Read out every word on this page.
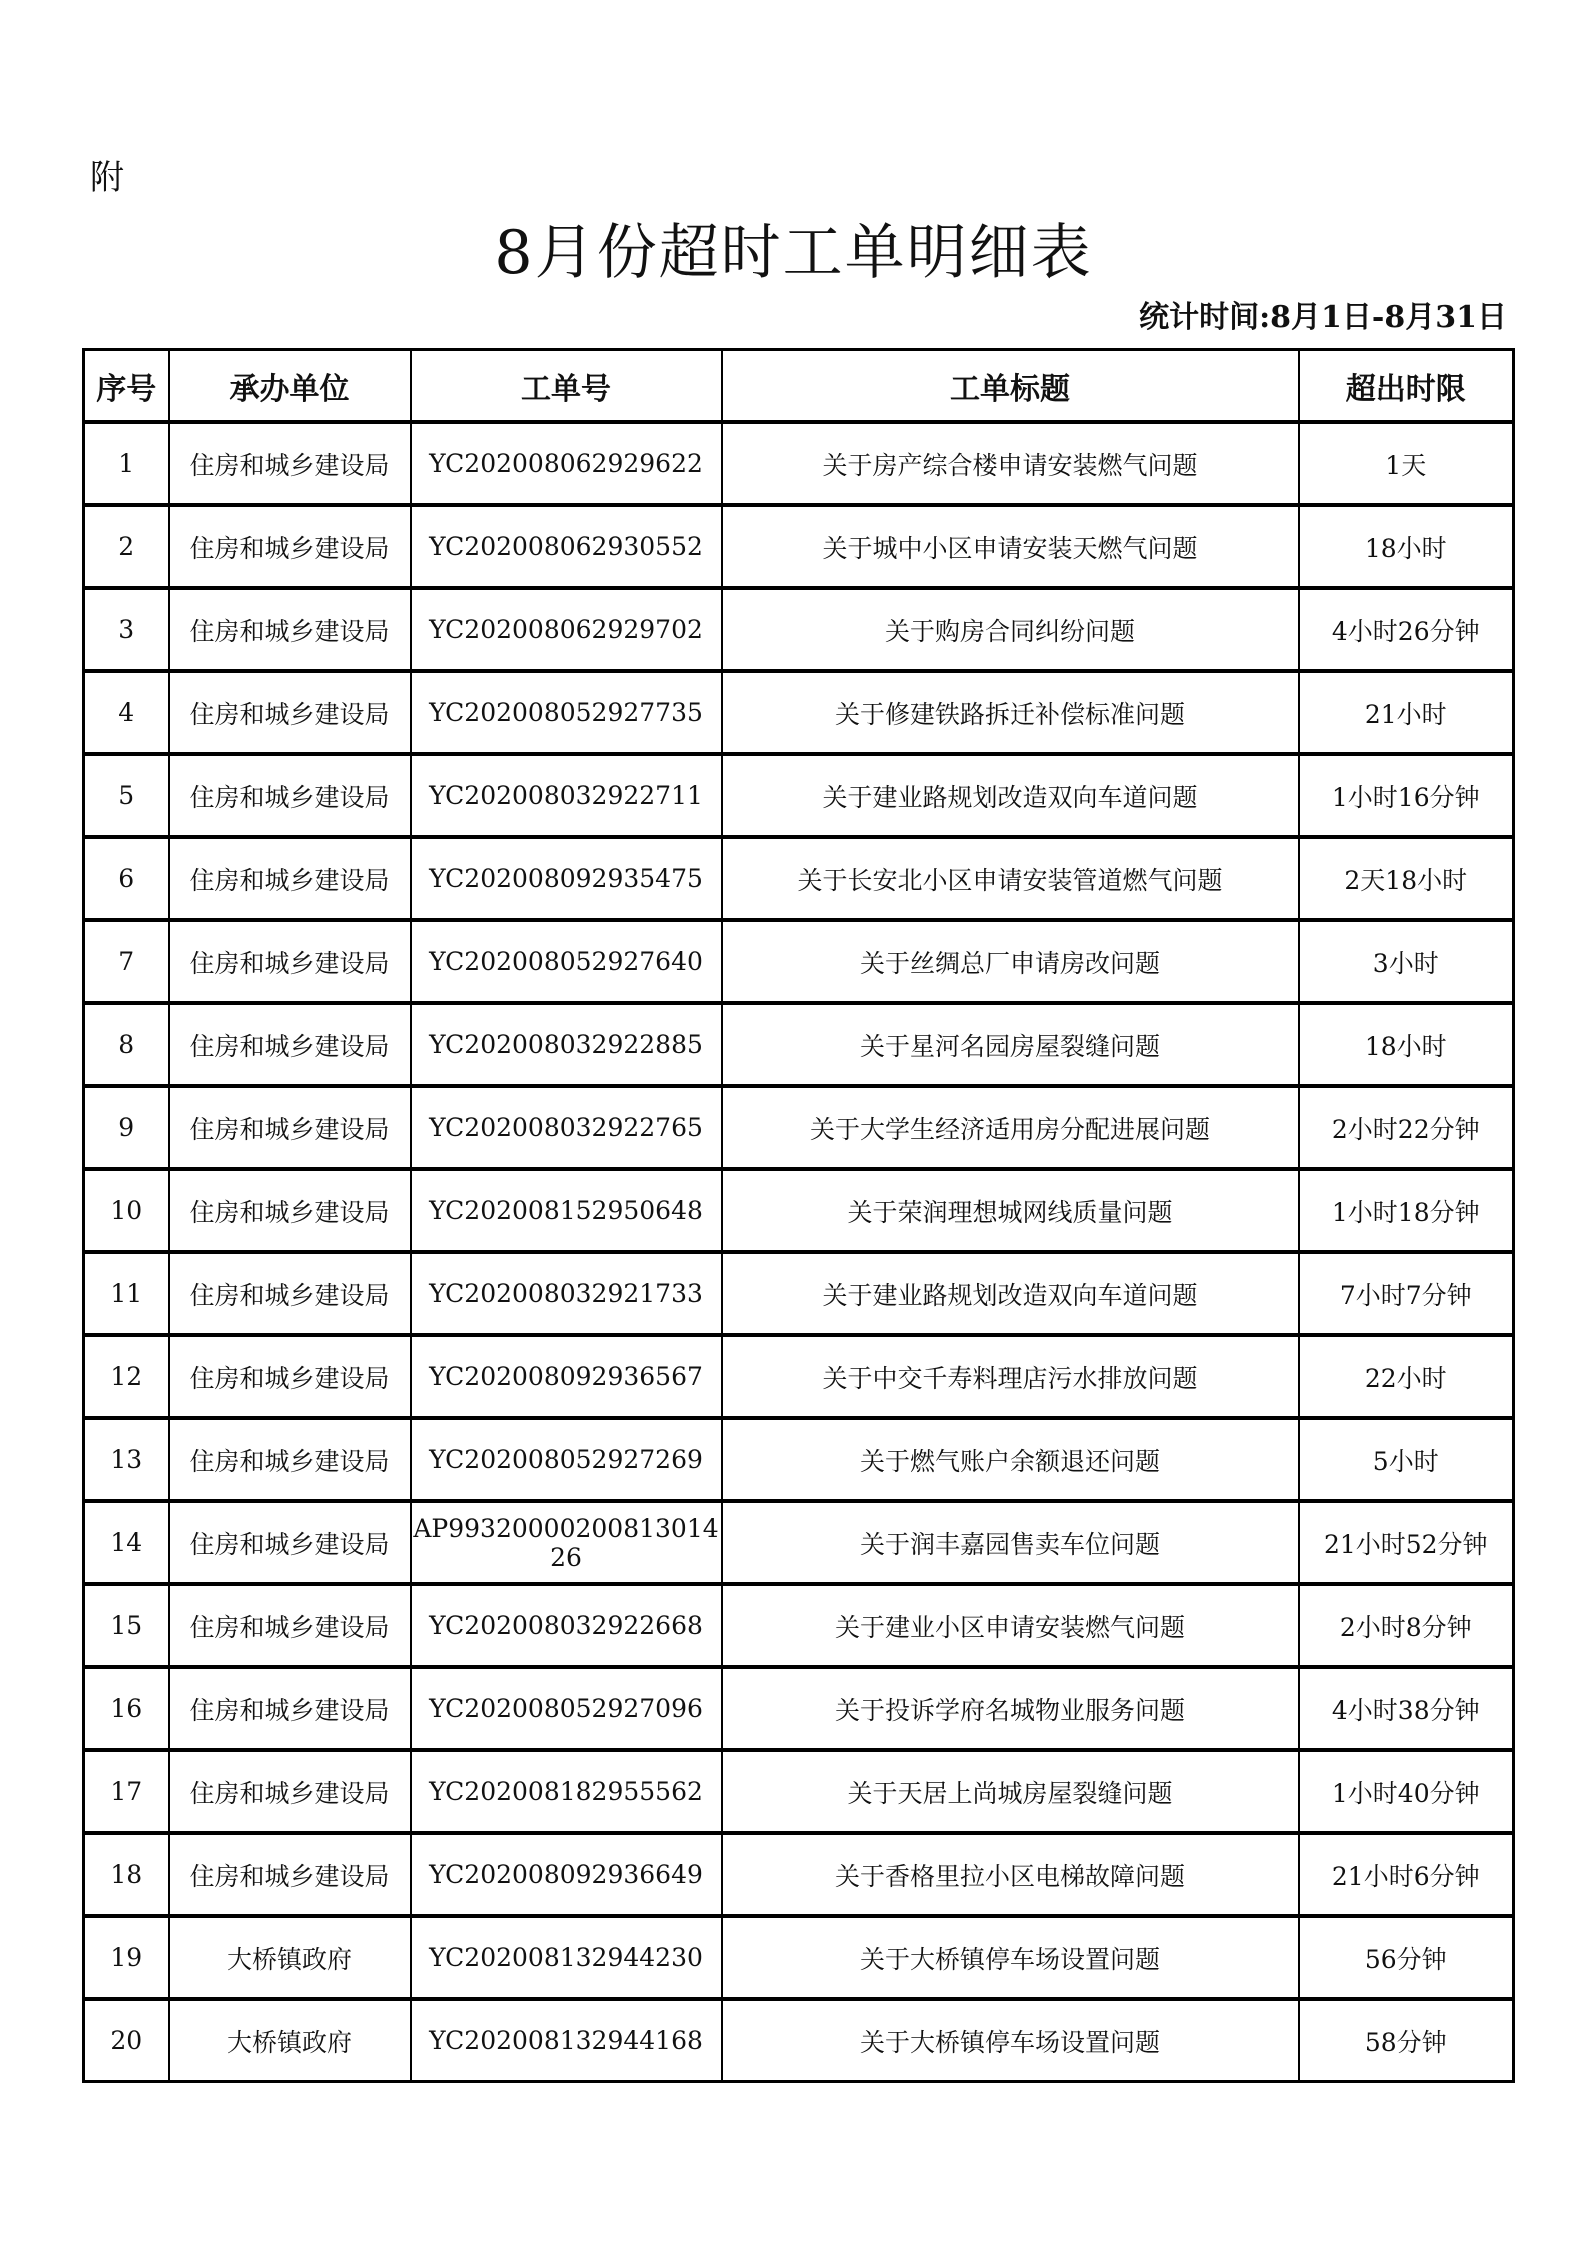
附
8月份超时工单明细表
统计时间:8月1日-8月31日
序号	承办单位	工单号	工单标题	超出时限
1	住房和城乡建设局	YC202008062929622	关于房产综合楼申请安装燃气问题	1天
2	住房和城乡建设局	YC202008062930552	关于城中小区申请安装天燃气问题	18小时
3	住房和城乡建设局	YC202008062929702	关于购房合同纠纷问题	4小时26分钟
4	住房和城乡建设局	YC202008052927735	关于修建铁路拆迁补偿标准问题	21小时
5	住房和城乡建设局	YC202008032922711	关于建业路规划改造双向车道问题	1小时16分钟
6	住房和城乡建设局	YC202008092935475	关于长安北小区申请安装管道燃气问题	2天18小时
7	住房和城乡建设局	YC202008052927640	关于丝绸总厂申请房改问题	3小时
8	住房和城乡建设局	YC202008032922885	关于星河名园房屋裂缝问题	18小时
9	住房和城乡建设局	YC202008032922765	关于大学生经济适用房分配进展问题	2小时22分钟
10	住房和城乡建设局	YC202008152950648	关于荣润理想城网线质量问题	1小时18分钟
11	住房和城乡建设局	YC202008032921733	关于建业路规划改造双向车道问题	7小时7分钟
12	住房和城乡建设局	YC202008092936567	关于中交千寿料理店污水排放问题	22小时
13	住房和城乡建设局	YC202008052927269	关于燃气账户余额退还问题	5小时
14	住房和城乡建设局	AP99320000200813014​26	关于润丰嘉园售卖车位问题	21小时52分钟
15	住房和城乡建设局	YC202008032922668	关于建业小区申请安装燃气问题	2小时8分钟
16	住房和城乡建设局	YC202008052927096	关于投诉学府名城物业服务问题	4小时38分钟
17	住房和城乡建设局	YC202008182955562	关于天居上尚城房屋裂缝问题	1小时40分钟
18	住房和城乡建设局	YC202008092936649	关于香格里拉小区电梯故障问题	21小时6分钟
19	大桥镇政府	YC202008132944230	关于大桥镇停车场设置问题	56分钟
20	大桥镇政府	YC202008132944168	关于大桥镇停车场设置问题	58分钟
